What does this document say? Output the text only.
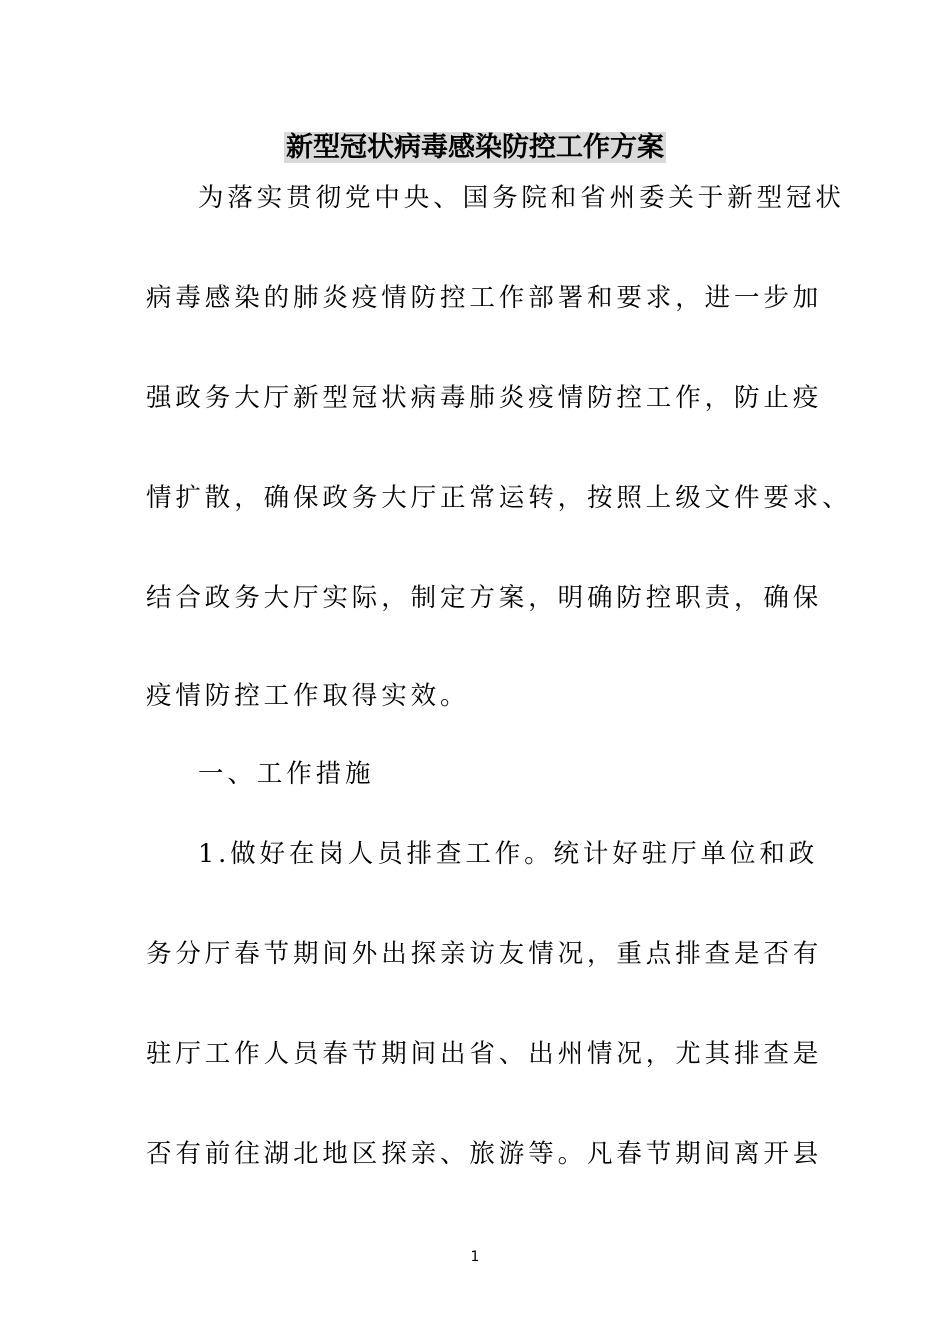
新型冠状病毒感染防控工作方案
为落实贯彻党中央、国务院和省州委关于新型冠状
病毒感染的肺炎疫情防控工作部署和要求，进一步加
强政务大厅新型冠状病毒肺炎疫情防控工作，防止疫
情扩散，确保政务大厅正常运转，按照上级文件要求、
结合政务大厅实际，制定方案，明确防控职责，确保
疫情防控工作取得实效。
一、工作措施
1.做好在岗人员排查工作。统计好驻厅单位和政
务分厅春节期间外出探亲访友情况，重点排查是否有
驻厅工作人员春节期间出省、出州情况，尤其排查是
否有前往湖北地区探亲、旅游等。凡春节期间离开县
1
